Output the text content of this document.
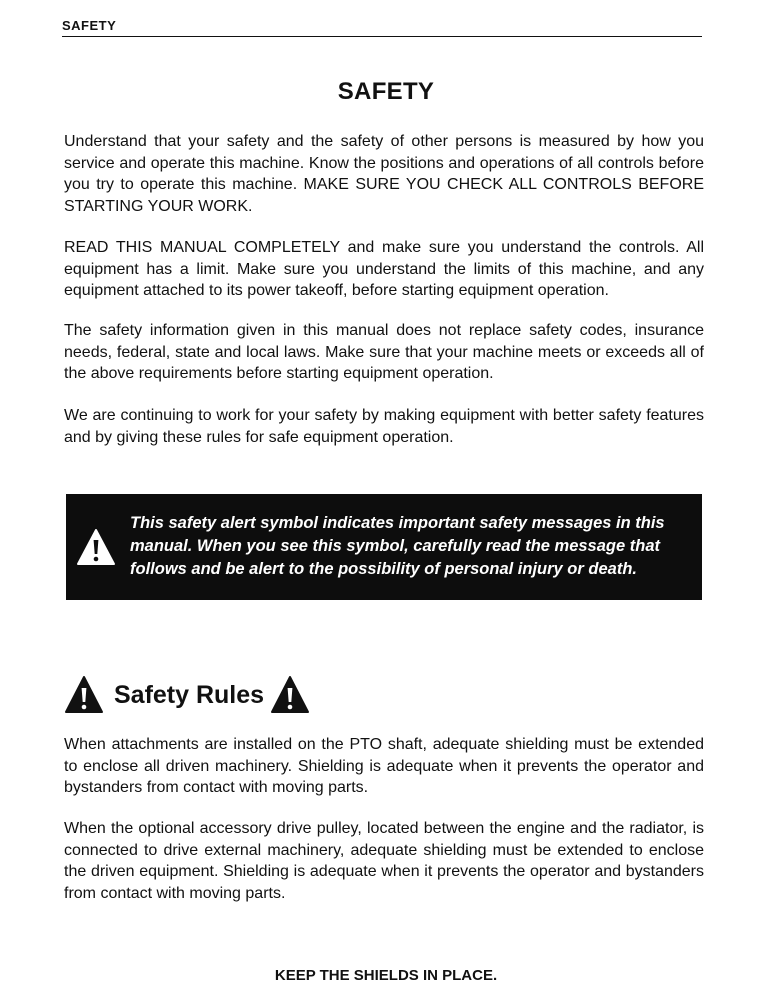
SAFETY
SAFETY

Understand that your safety and the safety of other persons is measured by how you service and operate this machine. Know the positions and operations of all controls before you try to operate this machine. MAKE SURE YOU CHECK ALL CONTROLS BEFORE STARTING YOUR WORK.

READ THIS MANUAL COMPLETELY and make sure you understand the controls. All equipment has a limit. Make sure you understand the limits of this machine, and any equipment attached to its power takeoff, before starting equipment operation.

The safety information given in this manual does not replace safety codes, insurance needs, federal, state and local laws. Make sure that your machine meets or exceeds all of the above requirements before starting equipment operation.

We are continuing to work for your safety by making equipment with better safety features and by giving these rules for safe equipment operation.

This safety alert symbol indicates important safety messages in this manual. When you see this symbol, carefully read the message that follows and be alert to the possibility of personal injury or death.

Safety Rules

When attachments are installed on the PTO shaft, adequate shielding must be extended to enclose all driven machinery. Shielding is adequate when it prevents the operator and bystanders from contact with moving parts.

When the optional accessory drive pulley, located between the engine and the radiator, is connected to drive external machinery, adequate shielding must be extended to enclose the driven equipment. Shielding is adequate when it prevents the operator and bystanders from contact with moving parts.

KEEP THE SHIELDS IN PLACE.
